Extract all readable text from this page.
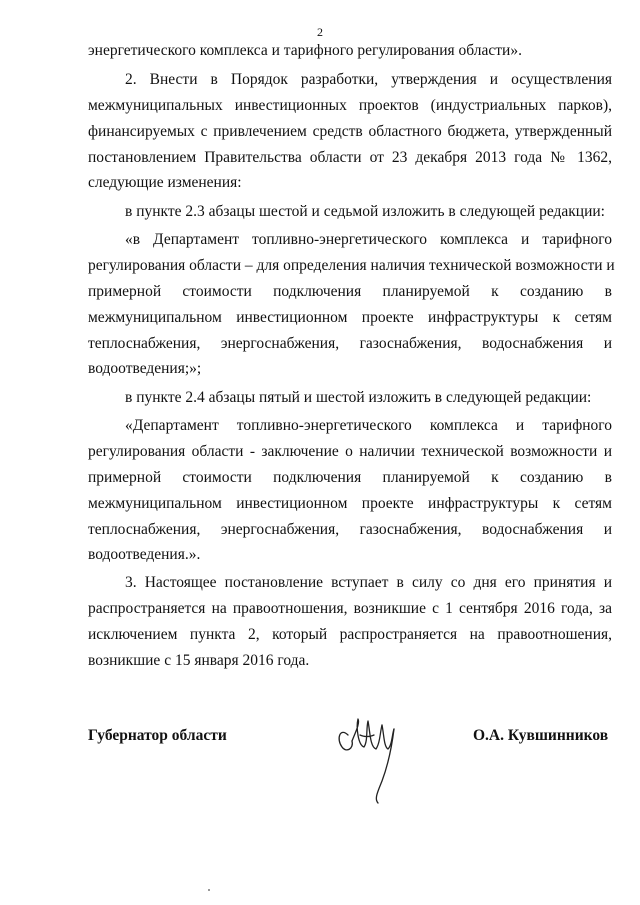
2
энергетического комплекса и тарифного регулирования области».
2. Внести в Порядок разработки, утверждения и осуществления
межмуниципальных инвестиционных проектов (индустриальных парков),
финансируемых с привлечением средств областного бюджета, утвержденный
постановлением Правительства области от 23 декабря 2013 года № 1362,
следующие изменения:
в пункте 2.3 абзацы шестой и седьмой изложить в следующей редакции:
«в Департамент топливно-энергетического комплекса и тарифного
регулирования области – для определения наличия технической возможности и
примерной стоимости подключения планируемой к созданию в
межмуниципальном инвестиционном проекте инфраструктуры к сетям
теплоснабжения, энергоснабжения, газоснабжения, водоснабжения и
водоотведения;»;
в пункте 2.4 абзацы пятый и шестой изложить в следующей редакции:
«Департамент топливно-энергетического комплекса и тарифного
регулирования области - заключение о наличии технической возможности и
примерной стоимости подключения планируемой к созданию в
межмуниципальном инвестиционном проекте инфраструктуры к сетям
теплоснабжения, энергоснабжения, газоснабжения, водоснабжения и
водоотведения.».
3. Настоящее постановление вступает в силу со дня его принятия и
распространяется на правоотношения, возникшие с 1 сентября 2016 года, за
исключением пункта 2, который распространяется на правоотношения,
возникшие с 15 января 2016 года.
Губернатор области	О.А. Кувшинников
